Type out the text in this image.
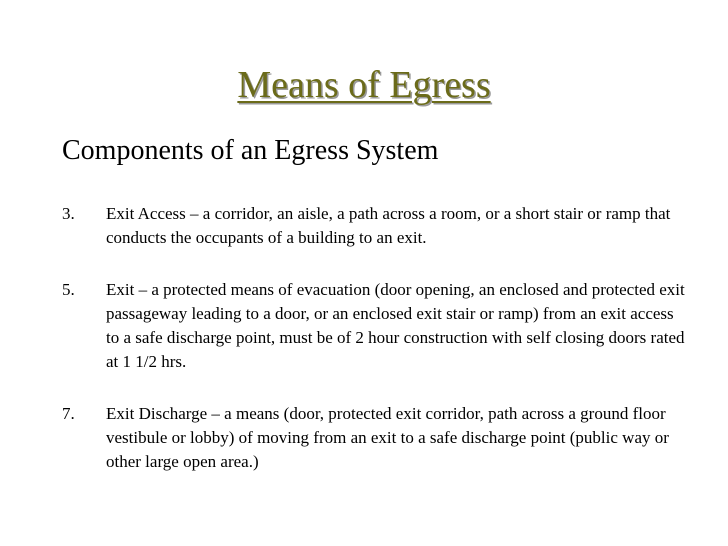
Means of Egress
Components of an Egress System
3. Exit Access – a corridor, an aisle, a path across a room, or a short stair or ramp that conducts the occupants of a building to an exit.
5. Exit – a protected means of evacuation (door opening, an enclosed and protected exit passageway leading to a door, or an enclosed exit stair or ramp) from an exit access to a safe discharge point, must be of 2 hour construction with self closing doors rated at 1 1/2 hrs.
7. Exit Discharge – a means (door, protected exit corridor, path across a ground floor vestibule or lobby) of moving from an exit to a safe discharge point (public way or other large open area.)
